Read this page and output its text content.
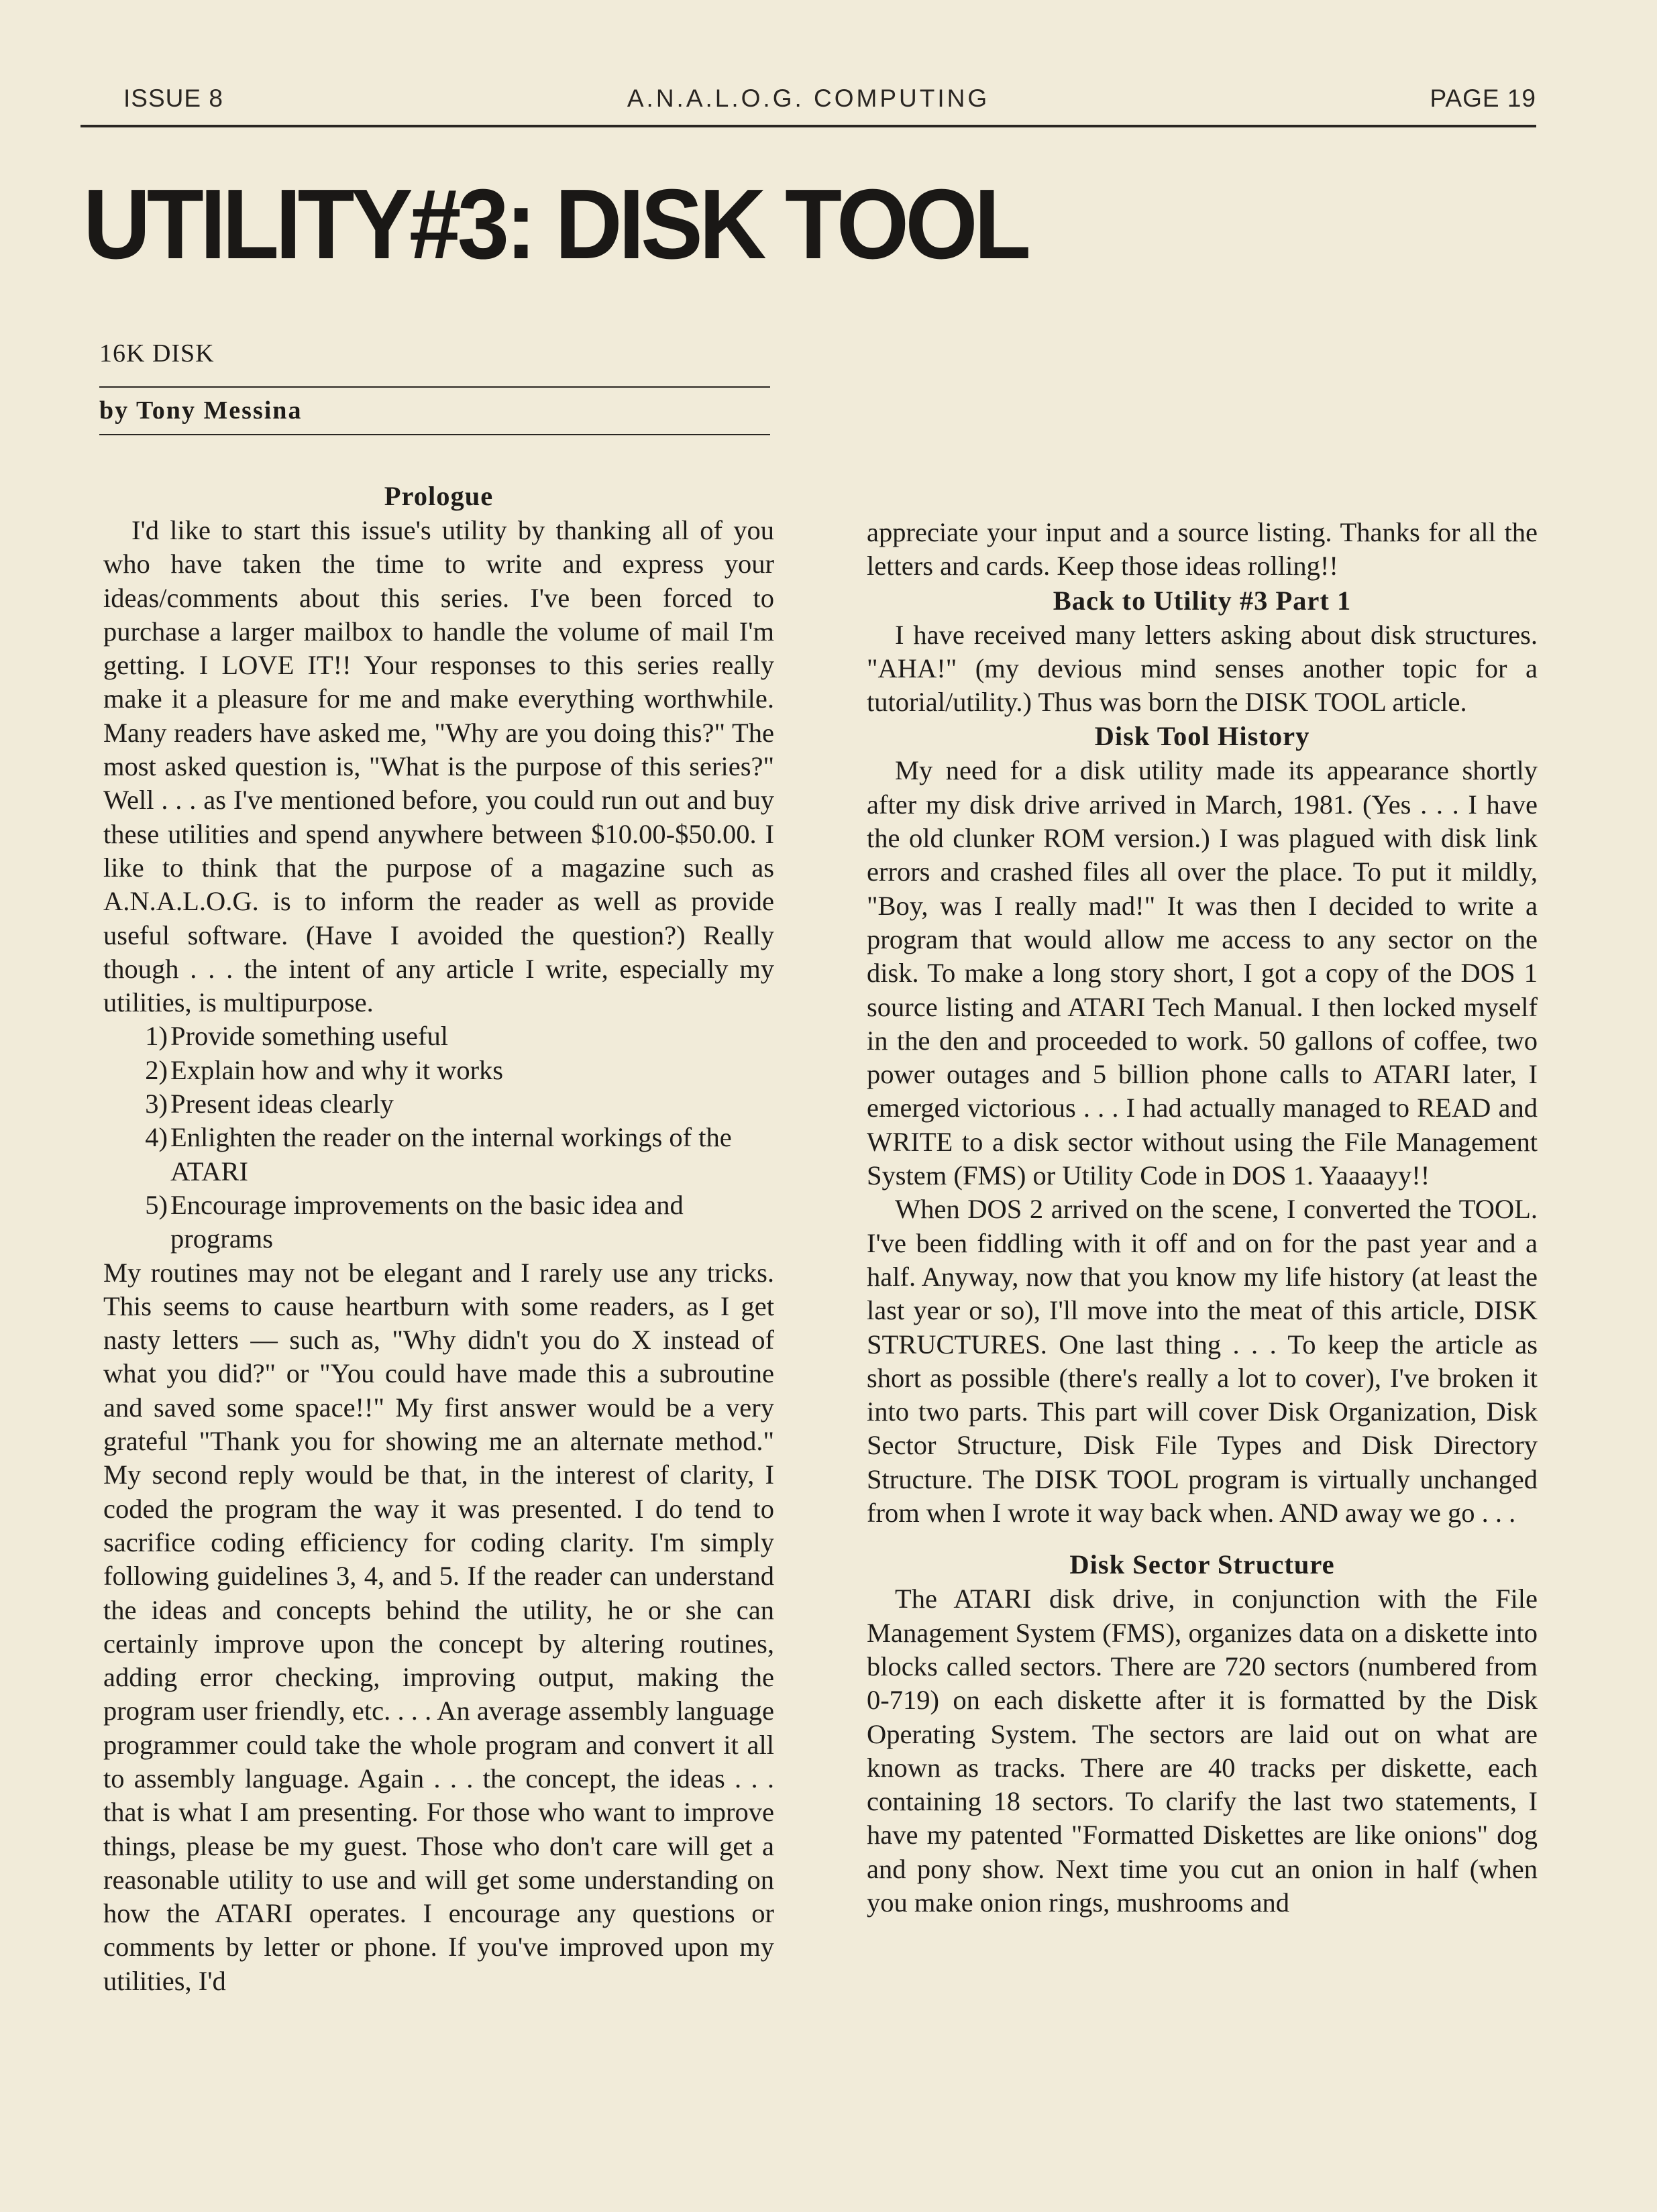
ISSUE 8	A.N.A.L.O.G. COMPUTING	PAGE 19
UTILITY#3: DISK TOOL
16K DISK
by Tony Messina
Prologue

I'd like to start this issue's utility by thanking all of you who have taken the time to write and express your ideas/comments about this series. I've been forced to purchase a larger mailbox to handle the volume of mail I'm getting. I LOVE IT!! Your responses to this series really make it a pleasure for me and make everything worthwhile. Many readers have asked me, "Why are you doing this?" The most asked question is, "What is the purpose of this series?" Well . . . as I've mentioned before, you could run out and buy these utilities and spend anywhere between $10.00-$50.00. I like to think that the purpose of a magazine such as A.N.A.L.O.G. is to inform the reader as well as provide useful software. (Have I avoided the question?) Really though . . . the intent of any article I write, especially my utilities, is multipurpose.

1) Provide something useful
2) Explain how and why it works
3) Present ideas clearly
4) Enlighten the reader on the internal workings of the ATARI
5) Encourage improvements on the basic idea and programs

My routines may not be elegant and I rarely use any tricks. This seems to cause heartburn with some readers, as I get nasty letters — such as, "Why didn't you do X instead of what you did?" or "You could have made this a subroutine and saved some space!!" My first answer would be a very grateful "Thank you for showing me an alternate method." My second reply would be that, in the interest of clarity, I coded the program the way it was presented. I do tend to sacrifice coding efficiency for coding clarity. I'm simply following guidelines 3, 4, and 5. If the reader can understand the ideas and concepts behind the utility, he or she can certainly improve upon the concept by altering routines, adding error checking, improving output, making the program user friendly, etc. . . . An average assembly language programmer could take the whole program and convert it all to assembly language. Again . . . the concept, the ideas . . . that is what I am presenting. For those who want to improve things, please be my guest. Those who don't care will get a reasonable utility to use and will get some understanding on how the ATARI operates. I encourage any questions or comments by letter or phone. If you've improved upon my utilities, I'd

appreciate your input and a source listing. Thanks for all the letters and cards. Keep those ideas rolling!!

Back to Utility #3 Part 1

I have received many letters asking about disk structures. "AHA!" (my devious mind senses another topic for a tutorial/utility.) Thus was born the DISK TOOL article.

Disk Tool History

My need for a disk utility made its appearance shortly after my disk drive arrived in March, 1981. (Yes . . . I have the old clunker ROM version.) I was plagued with disk link errors and crashed files all over the place. To put it mildly, "Boy, was I really mad!" It was then I decided to write a program that would allow me access to any sector on the disk. To make a long story short, I got a copy of the DOS 1 source listing and ATARI Tech Manual. I then locked myself in the den and proceeded to work. 50 gallons of coffee, two power outages and 5 billion phone calls to ATARI later, I emerged victorious . . . I had actually managed to READ and WRITE to a disk sector without using the File Management System (FMS) or Utility Code in DOS 1. Yaaaayy!!

When DOS 2 arrived on the scene, I converted the TOOL. I've been fiddling with it off and on for the past year and a half. Anyway, now that you know my life history (at least the last year or so), I'll move into the meat of this article, DISK STRUCTURES. One last thing . . . To keep the article as short as possible (there's really a lot to cover), I've broken it into two parts. This part will cover Disk Organization, Disk Sector Structure, Disk File Types and Disk Directory Structure. The DISK TOOL program is virtually unchanged from when I wrote it way back when. AND away we go . . .

Disk Sector Structure

The ATARI disk drive, in conjunction with the File Management System (FMS), organizes data on a diskette into blocks called sectors. There are 720 sectors (numbered from 0-719) on each diskette after it is formatted by the Disk Operating System. The sectors are laid out on what are known as tracks. There are 40 tracks per diskette, each containing 18 sectors. To clarify the last two statements, I have my patented "Formatted Diskettes are like onions" dog and pony show. Next time you cut an onion in half (when you make onion rings, mushrooms and
